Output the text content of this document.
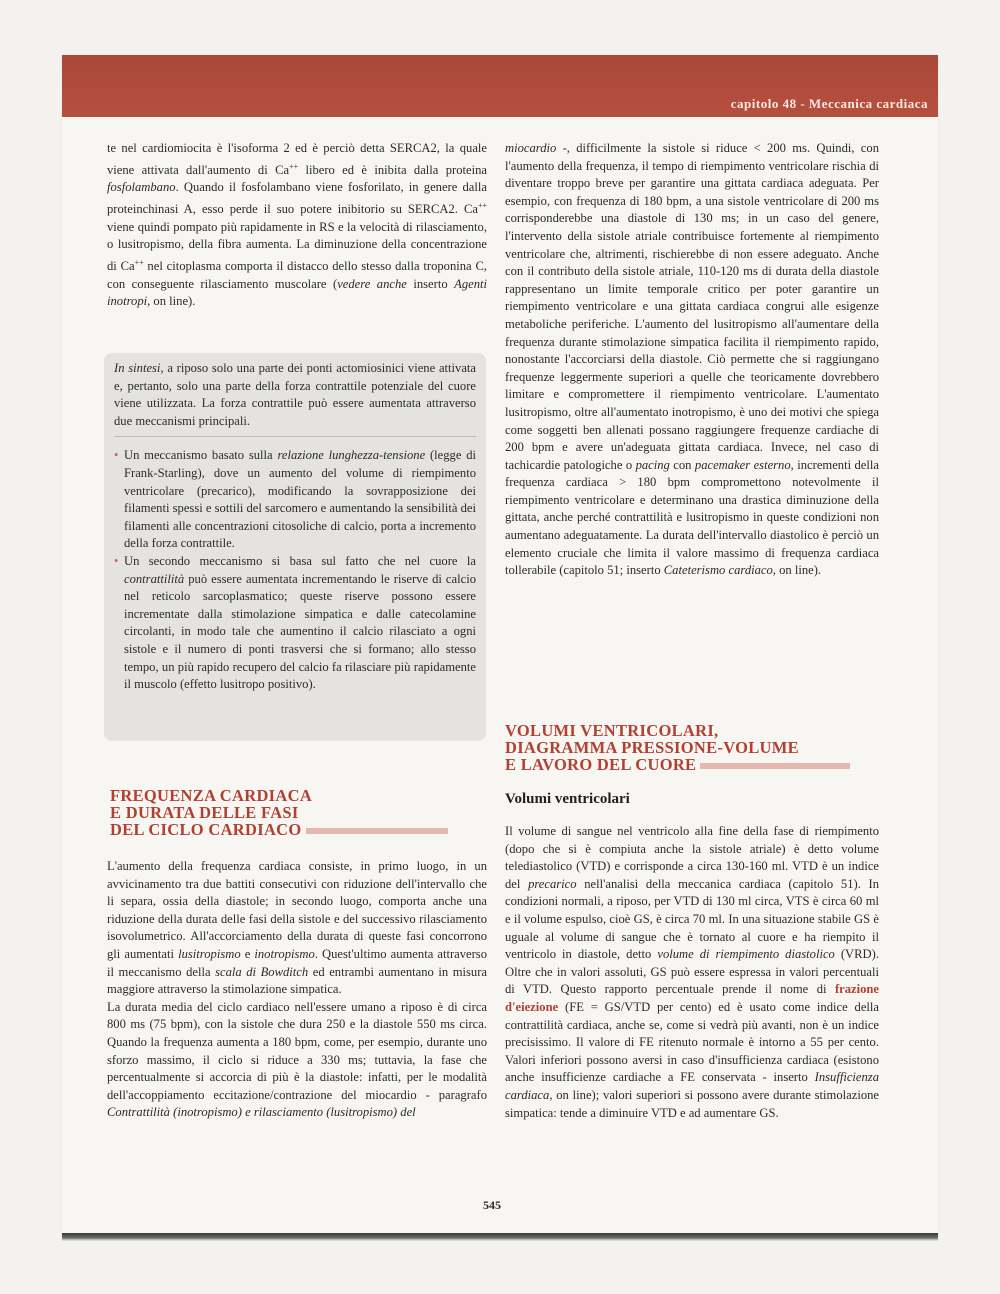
capitolo 48 - Meccanica cardiaca

te nel cardiomiocita è l'isoforma 2 ed è perciò detta SERCA2, la quale viene attivata dall'aumento di Ca++ libero ed è inibita dalla proteina fosfolambano. Quando il fosfolambano viene fosforilato, in genere dalla proteinchinasi A, esso perde il suo potere inibitorio su SERCA2. Ca++ viene quindi pompato più rapidamente in RS e la velocità di rilasciamento, o lusitropismo, della fibra aumenta. La diminuzione della concentrazione di Ca++ nel citoplasma comporta il distacco dello stesso dalla troponina C, con conseguente rilasciamento muscolare (vedere anche inserto Agenti inotropi, on line).

In sintesi, a riposo solo una parte dei ponti actomiosinici viene attivata e, pertanto, solo una parte della forza contrattile potenziale del cuore viene utilizzata. La forza contrattile può essere aumentata attraverso due meccanismi principali.

• Un meccanismo basato sulla relazione lunghezza-tensione (legge di Frank-Starling), dove un aumento del volume di riempimento ventricolare (precarico), modificando la sovrapposizione dei filamenti spessi e sottili del sarcomero e aumentando la sensibilità dei filamenti alle concentrazioni citosoliche di calcio, porta a incremento della forza contrattile.
• Un secondo meccanismo si basa sul fatto che nel cuore la contrattilità può essere aumentata incrementando le riserve di calcio nel reticolo sarcoplasmatico; queste riserve possono essere incrementate dalla stimolazione simpatica e dalle catecolamine circolanti, in modo tale che aumentino il calcio rilasciato a ogni sistole e il numero di ponti trasversi che si formano; allo stesso tempo, un più rapido recupero del calcio fa rilasciare più rapidamente il muscolo (effetto lusitropo positivo).
FREQUENZA CARDIACA
E DURATA DELLE FASI
DEL CICLO CARDIACO

L'aumento della frequenza cardiaca consiste, in primo luogo, in un avvicinamento tra due battiti consecutivi con riduzione dell'intervallo che li separa, ossia della diastole; in secondo luogo, comporta anche una riduzione della durata delle fasi della sistole e del successivo rilasciamento isovolumetrico. All'accorciamento della durata di queste fasi concorrono gli aumentati lusitropismo e inotropismo. Quest'ultimo aumenta attraverso il meccanismo della scala di Bowditch ed entrambi aumentano in misura maggiore attraverso la stimolazione simpatica.

La durata media del ciclo cardiaco nell'essere umano a riposo è di circa 800 ms (75 bpm), con la sistole che dura 250 e la diastole 550 ms circa. Quando la frequenza aumenta a 180 bpm, come, per esempio, durante uno sforzo massimo, il ciclo si riduce a 330 ms; tuttavia, la fase che percentualmente si accorcia di più è la diastole: infatti, per le modalità dell'accoppiamento eccitazione/contrazione del miocardio - paragrafo Contrattilità (inotropismo) e rilasciamento (lusitropismo) del

miocardio -, difficilmente la sistole si riduce < 200 ms. Quindi, con l'aumento della frequenza, il tempo di riempimento ventricolare rischia di diventare troppo breve per garantire una gittata cardiaca adeguata. Per esempio, con frequenza di 180 bpm, a una sistole ventricolare di 200 ms corrisponderebbe una diastole di 130 ms; in un caso del genere, l'intervento della sistole atriale contribuisce fortemente al riempimento ventricolare che, altrimenti, rischierebbe di non essere adeguato. Anche con il contributo della sistole atriale, 110-120 ms di durata della diastole rappresentano un limite temporale critico per poter garantire un riempimento ventricolare e una gittata cardiaca congrui alle esigenze metaboliche periferiche. L'aumento del lusitropismo all'aumentare della frequenza durante stimolazione simpatica facilita il riempimento rapido, nonostante l'accorciarsi della diastole. Ciò permette che si raggiungano frequenze leggermente superiori a quelle che teoricamente dovrebbero limitare e compromettere il riempimento ventricolare. L'aumentato lusitropismo, oltre all'aumentato inotropismo, è uno dei motivi che spiega come soggetti ben allenati possano raggiungere frequenze cardiache di 200 bpm e avere un'adeguata gittata cardiaca. Invece, nel caso di tachicardie patologiche o pacing con pacemaker esterno, incrementi della frequenza cardiaca > 180 bpm compromettono notevolmente il riempimento ventricolare e determinano una drastica diminuzione della gittata, anche perché contrattilità e lusitropismo in queste condizioni non aumentano adeguatamente. La durata dell'intervallo diastolico è perciò un elemento cruciale che limita il valore massimo di frequenza cardiaca tollerabile (capitolo 51; inserto Cateterismo cardiaco, on line).

VOLUMI VENTRICOLARI,
DIAGRAMMA PRESSIONE-VOLUME
E LAVORO DEL CUORE
Volumi ventricolari

Il volume di sangue nel ventricolo alla fine della fase di riempimento (dopo che si è compiuta anche la sistole atriale) è detto volume telediastolico (VTD) e corrisponde a circa 130-160 ml. VTD è un indice del precarico nell'analisi della meccanica cardiaca (capitolo 51). In condizioni normali, a riposo, per VTD di 130 ml circa, VTS è circa 60 ml e il volume espulso, cioè GS, è circa 70 ml. In una situazione stabile GS è uguale al volume di sangue che è tornato al cuore e ha riempito il ventricolo in diastole, detto volume di riempimento diastolico (VRD). Oltre che in valori assoluti, GS può essere espressa in valori percentuali di VTD. Questo rapporto percentuale prende il nome di frazione d'eiezione (FE = GS/VTD per cento) ed è usato come indice della contrattilità cardiaca, anche se, come si vedrà più avanti, non è un indice precisissimo. Il valore di FE ritenuto normale è intorno a 55 per cento. Valori inferiori possono aversi in caso d'insufficienza cardiaca (esistono anche insufficienze cardiache a FE conservata - inserto Insufficienza cardiaca, on line); valori superiori si possono avere durante stimolazione simpatica: tende a diminuire VTD e ad aumentare GS.

545
